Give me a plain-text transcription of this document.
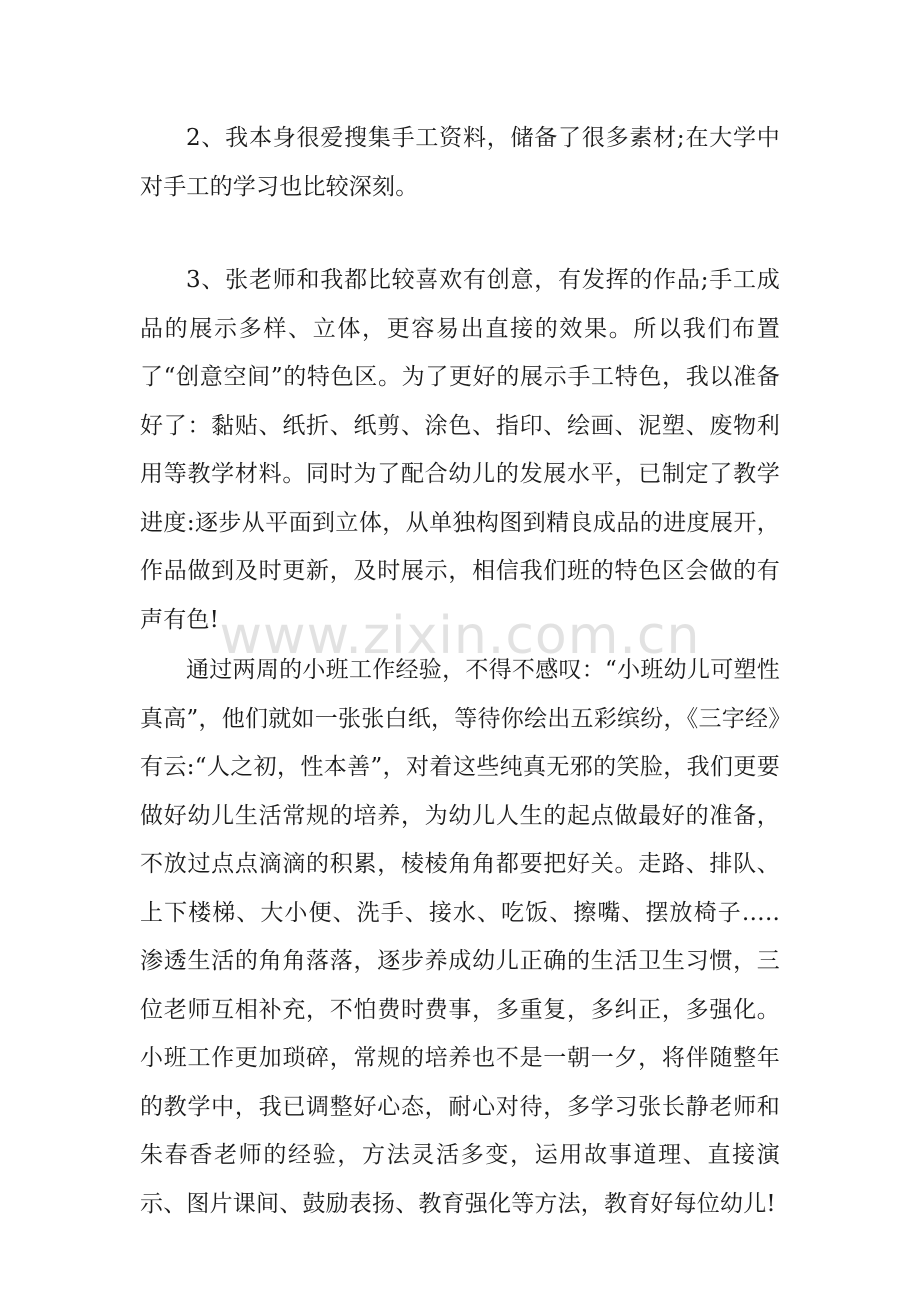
www.zixin.com.cn

2、我本身很爱搜集手工资料，储备了很多素材;在大学中对手工的学习也比较深刻。

3、张老师和我都比较喜欢有创意，有发挥的作品;手工成品的展示多样、立体，更容易出直接的效果。所以我们布置了“创意空间”的特色区。为了更好的展示手工特色，我以准备好了：黏贴、纸折、纸剪、涂色、指印、绘画、泥塑、废物利用等教学材料。同时为了配合幼儿的发展水平，已制定了教学进度:逐步从平面到立体，从单独构图到精良成品的进度展开，作品做到及时更新，及时展示，相信我们班的特色区会做的有声有色!

通过两周的小班工作经验，不得不感叹：“小班幼儿可塑性真高”，他们就如一张张白纸，等待你绘出五彩缤纷，《三字经》有云:“人之初，性本善”，对着这些纯真无邪的笑脸，我们更要做好幼儿生活常规的培养，为幼儿人生的起点做最好的准备，不放过点点滴滴的积累，棱棱角角都要把好关。走路、排队、上下楼梯、大小便、洗手、接水、吃饭、擦嘴、摆放椅子…..渗透生活的角角落落，逐步养成幼儿正确的生活卫生习惯，三位老师互相补充，不怕费时费事，多重复，多纠正，多强化。小班工作更加琐碎，常规的培养也不是一朝一夕，将伴随整年的教学中，我已调整好心态，耐心对待，多学习张长静老师和朱春香老师的经验，方法灵活多变，运用故事道理、直接演示、图片课间、鼓励表扬、教育强化等方法，教育好每位幼儿!
